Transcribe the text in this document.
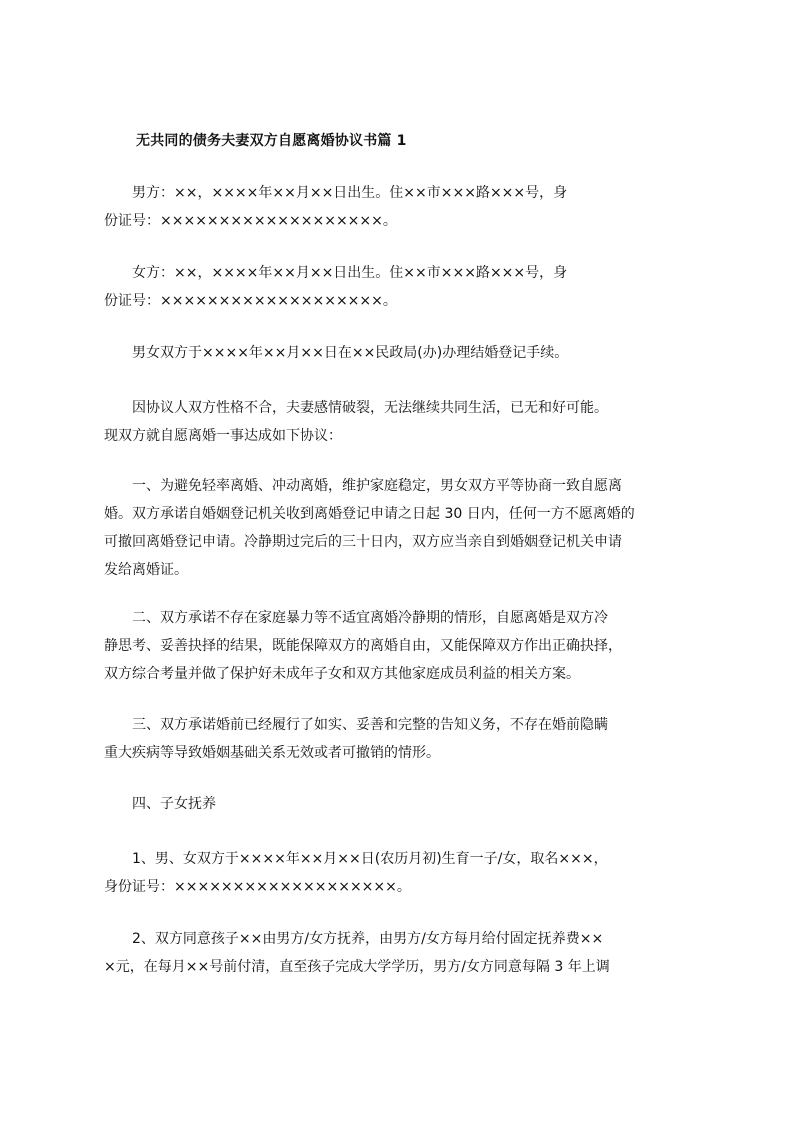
无共同的债务夫妻双方自愿离婚协议书篇 1
　　男方：××，××××年××月××日出生。住××市×××路×××号，身
份证号：×××××××××××××××××××。
　　女方：××，××××年××月××日出生。住××市×××路×××号，身
份证号：×××××××××××××××××××。
　　男女双方于××××年××月××日在××民政局(办)办理结婚登记手续。
　　因协议人双方性格不合，夫妻感情破裂，无法继续共同生活，已无和好可能。
现双方就自愿离婚一事达成如下协议：
　　一、为避免轻率离婚、冲动离婚，维护家庭稳定，男女双方平等协商一致自愿离
婚。双方承诺自婚姻登记机关收到离婚登记申请之日起 30 日内，任何一方不愿离婚的
可撤回离婚登记申请。冷静期过完后的三十日内，双方应当亲自到婚姻登记机关申请
发给离婚证。
　　二、双方承诺不存在家庭暴力等不适宜离婚冷静期的情形，自愿离婚是双方冷
静思考、妥善抉择的结果，既能保障双方的离婚自由，又能保障双方作出正确抉择，
双方综合考量并做了保护好未成年子女和双方其他家庭成员利益的相关方案。
　　三、双方承诺婚前已经履行了如实、妥善和完整的告知义务，不存在婚前隐瞒
重大疾病等导致婚姻基础关系无效或者可撤销的情形。
　　四、子女抚养
　　1、男、女双方于××××年××月××日(农历月初)生育一子/女，取名×××，
身份证号：×××××××××××××××××××。
　　2、双方同意孩子××由男方/女方抚养，由男方/女方每月给付固定抚养费××
×元，在每月××号前付清，直至孩子完成大学学历，男方/女方同意每隔 3 年上调
